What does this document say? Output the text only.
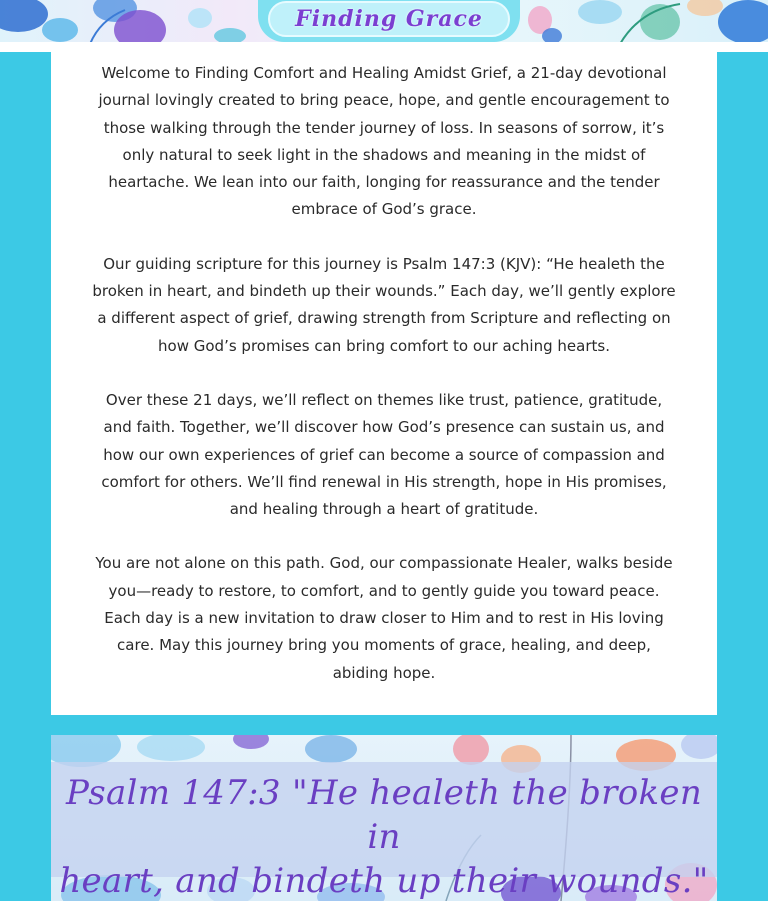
Finding Grace

Welcome to Finding Comfort and Healing Amidst Grief, a 21-day devotional journal lovingly created to bring peace, hope, and gentle encouragement to those walking through the tender journey of loss. In seasons of sorrow, it’s only natural to seek light in the shadows and meaning in the midst of heartache. We lean into our faith, longing for reassurance and the tender embrace of God’s grace.

Our guiding scripture for this journey is Psalm 147:3 (KJV): “He healeth the broken in heart, and bindeth up their wounds.” Each day, we’ll gently explore a different aspect of grief, drawing strength from Scripture and reflecting on how God’s promises can bring comfort to our aching hearts.

Over these 21 days, we’ll reflect on themes like trust, patience, gratitude, and faith. Together, we’ll discover how God’s presence can sustain us, and how our own experiences of grief can become a source of compassion and comfort for others. We’ll find renewal in His strength, hope in His promises, and healing through a heart of gratitude.

You are not alone on this path. God, our compassionate Healer, walks beside you—ready to restore, to comfort, and to gently guide you toward peace. Each day is a new invitation to draw closer to Him and to rest in His loving care. May this journey bring you moments of grace, healing, and deep, abiding hope.

Psalm 147:3 "He healeth the broken in
heart, and bindeth up their wounds."
